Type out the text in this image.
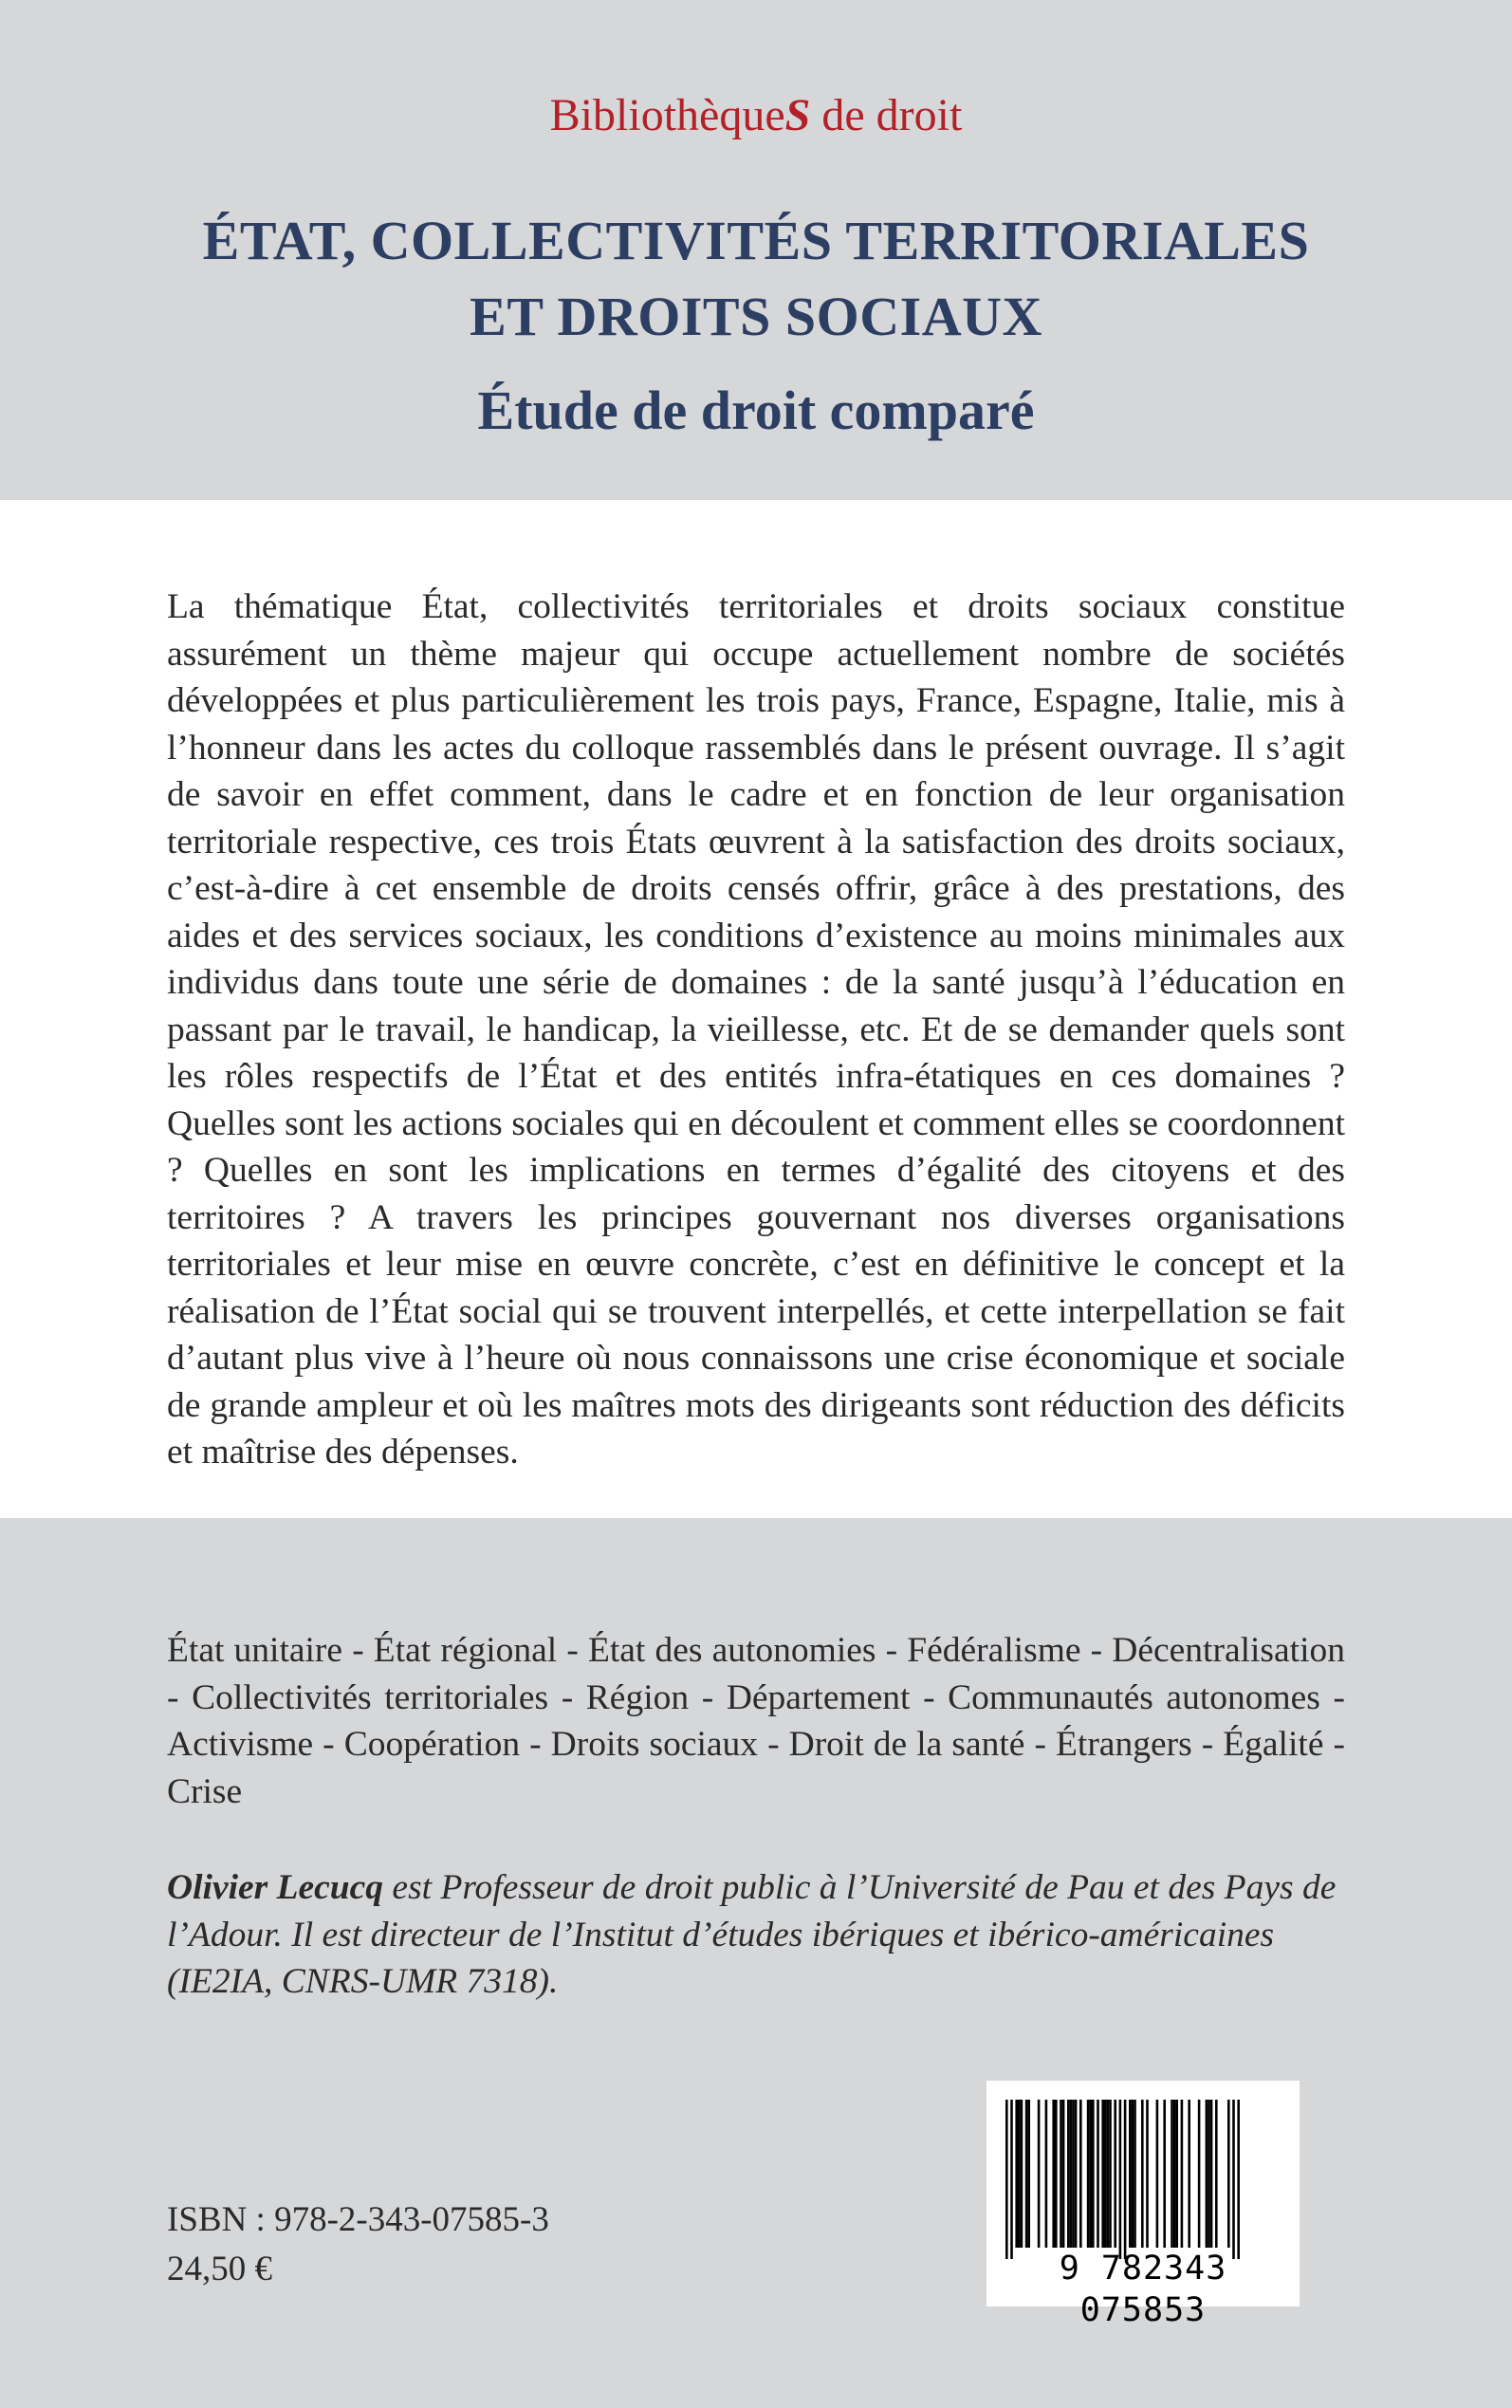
BibliothèqueS de droit
ÉTAT, COLLECTIVITÉS TERRITORIALES
ET DROITS SOCIAUX
Étude de droit comparé

La thématique État, collectivités territoriales et droits sociaux constitue assurément un thème majeur qui occupe actuellement nombre de sociétés développées et plus particulièrement les trois pays, France, Espagne, Italie, mis à l’honneur dans les actes du colloque rassemblés dans le présent ouvrage. Il s’agit de savoir en effet comment, dans le cadre et en fonction de leur organisation territoriale respective, ces trois États œuvrent à la satisfaction des droits sociaux, c’est-à-dire à cet ensemble de droits censés offrir, grâce à des prestations, des aides et des services sociaux, les conditions d’existence au moins minimales aux individus dans toute une série de domaines : de la santé jusqu’à l’éducation en passant par le travail, le handicap, la vieillesse, etc. Et de se demander quels sont les rôles respectifs de l’État et des entités infra-étatiques en ces domaines ? Quelles sont les actions sociales qui en découlent et comment elles se coordonnent ? Quelles en sont les implications en termes d’égalité des citoyens et des territoires ? A travers les principes gouvernant nos diverses organisations territoriales et leur mise en œuvre concrète, c’est en définitive le concept et la réalisation de l’État social qui se trouvent interpellés, et cette interpellation se fait d’autant plus vive à l’heure où nous connaissons une crise économique et sociale de grande ampleur et où les maîtres mots des dirigeants sont réduction des déficits et maîtrise des dépenses.

État unitaire - État régional - État des autonomies - Fédéralisme - Décentralisation - Collectivités territoriales - Région - Département - Communautés autonomes - Activisme - Coopération - Droits sociaux - Droit de la santé - Étrangers - Égalité - Crise

Olivier Lecucq est Professeur de droit public à l’Université de Pau et des Pays de l’Adour. Il est directeur de l’Institut d’études ibériques et ibérico-américaines (IE2IA, CNRS-UMR 7318).

ISBN : 978-2-343-07585-3
24,50 €	9 782343 075853
